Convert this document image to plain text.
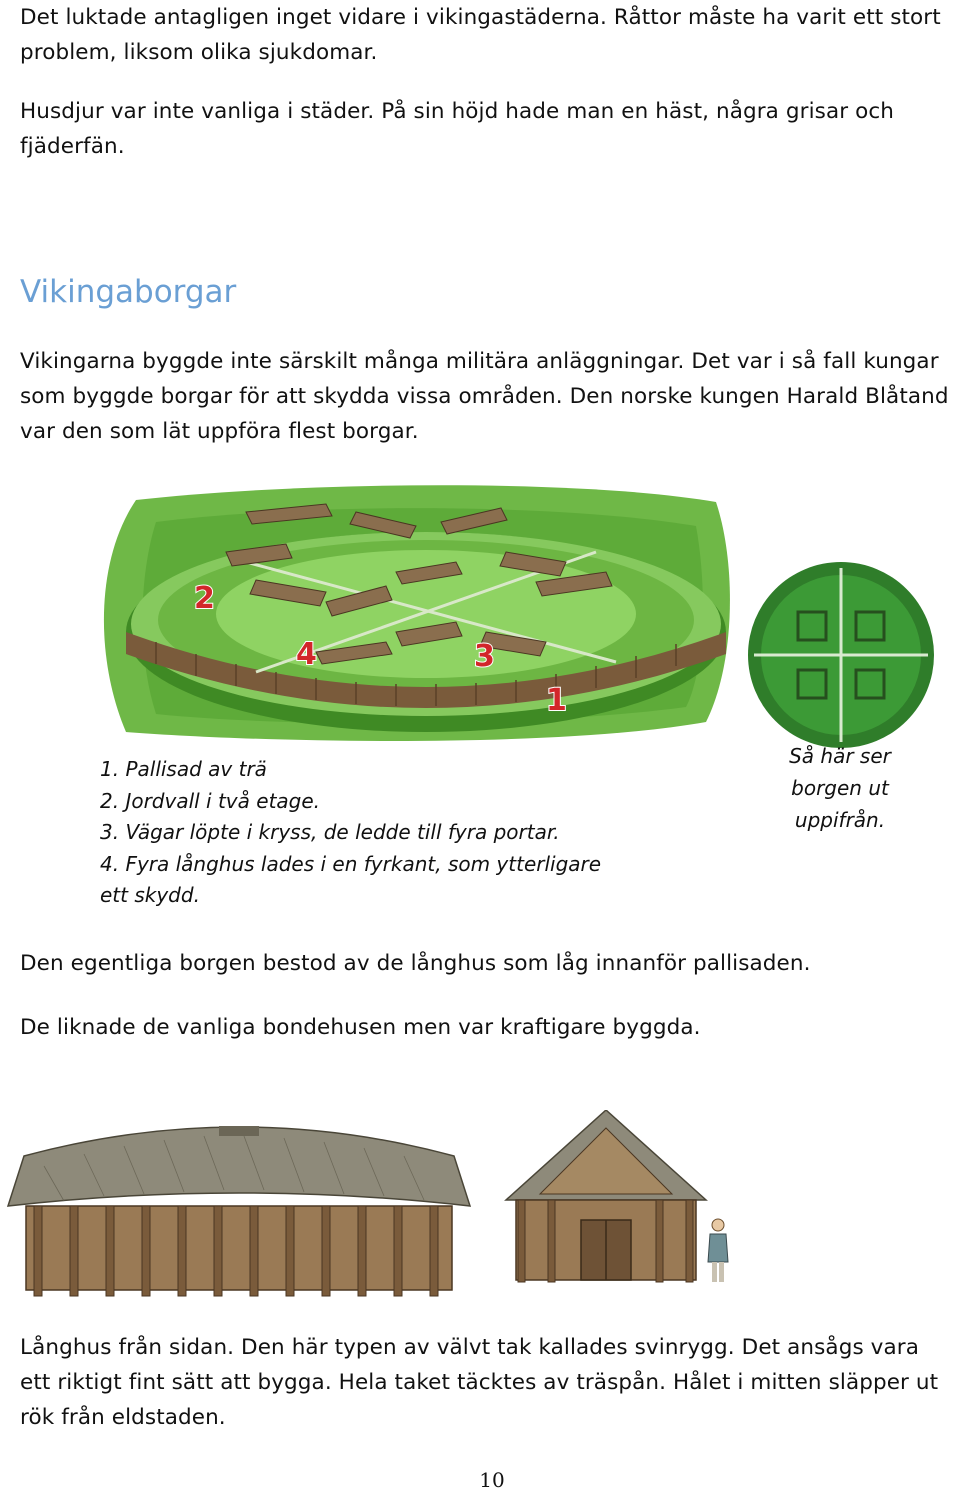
Det luktade antagligen inget vidare i vikingastäderna. Råttor måste ha varit ett stort problem, liksom olika sjukdomar.

Husdjur var inte vanliga i städer. På sin höjd hade man en häst, några grisar och fjäderfän.

Vikingaborgar

Vikingarna byggde inte särskilt många militära anläggningar. Det var i så fall kungar som byggde borgar för att skydda vissa områden. Den norske kungen Harald Blåtand var den som lät uppföra flest borgar.

2
4	3
1
1. Pallisad av trä
2. Jordvall i två etage.
3. Vägar löpte i kryss, de ledde till fyra portar.
4. Fyra långhus lades i en fyrkant, som ytterligare
ett skydd.
Så här ser
borgen ut
uppifrån.

Den egentliga borgen bestod av de långhus som låg innanför pallisaden.

De liknade de vanliga bondehusen men var kraftigare byggda.

Långhus från sidan. Den här typen av välvt tak kallades svinrygg. Det ansågs vara ett riktigt fint sätt att bygga. Hela taket täcktes av träspån. Hålet i mitten släpper ut rök från eldstaden.

10
